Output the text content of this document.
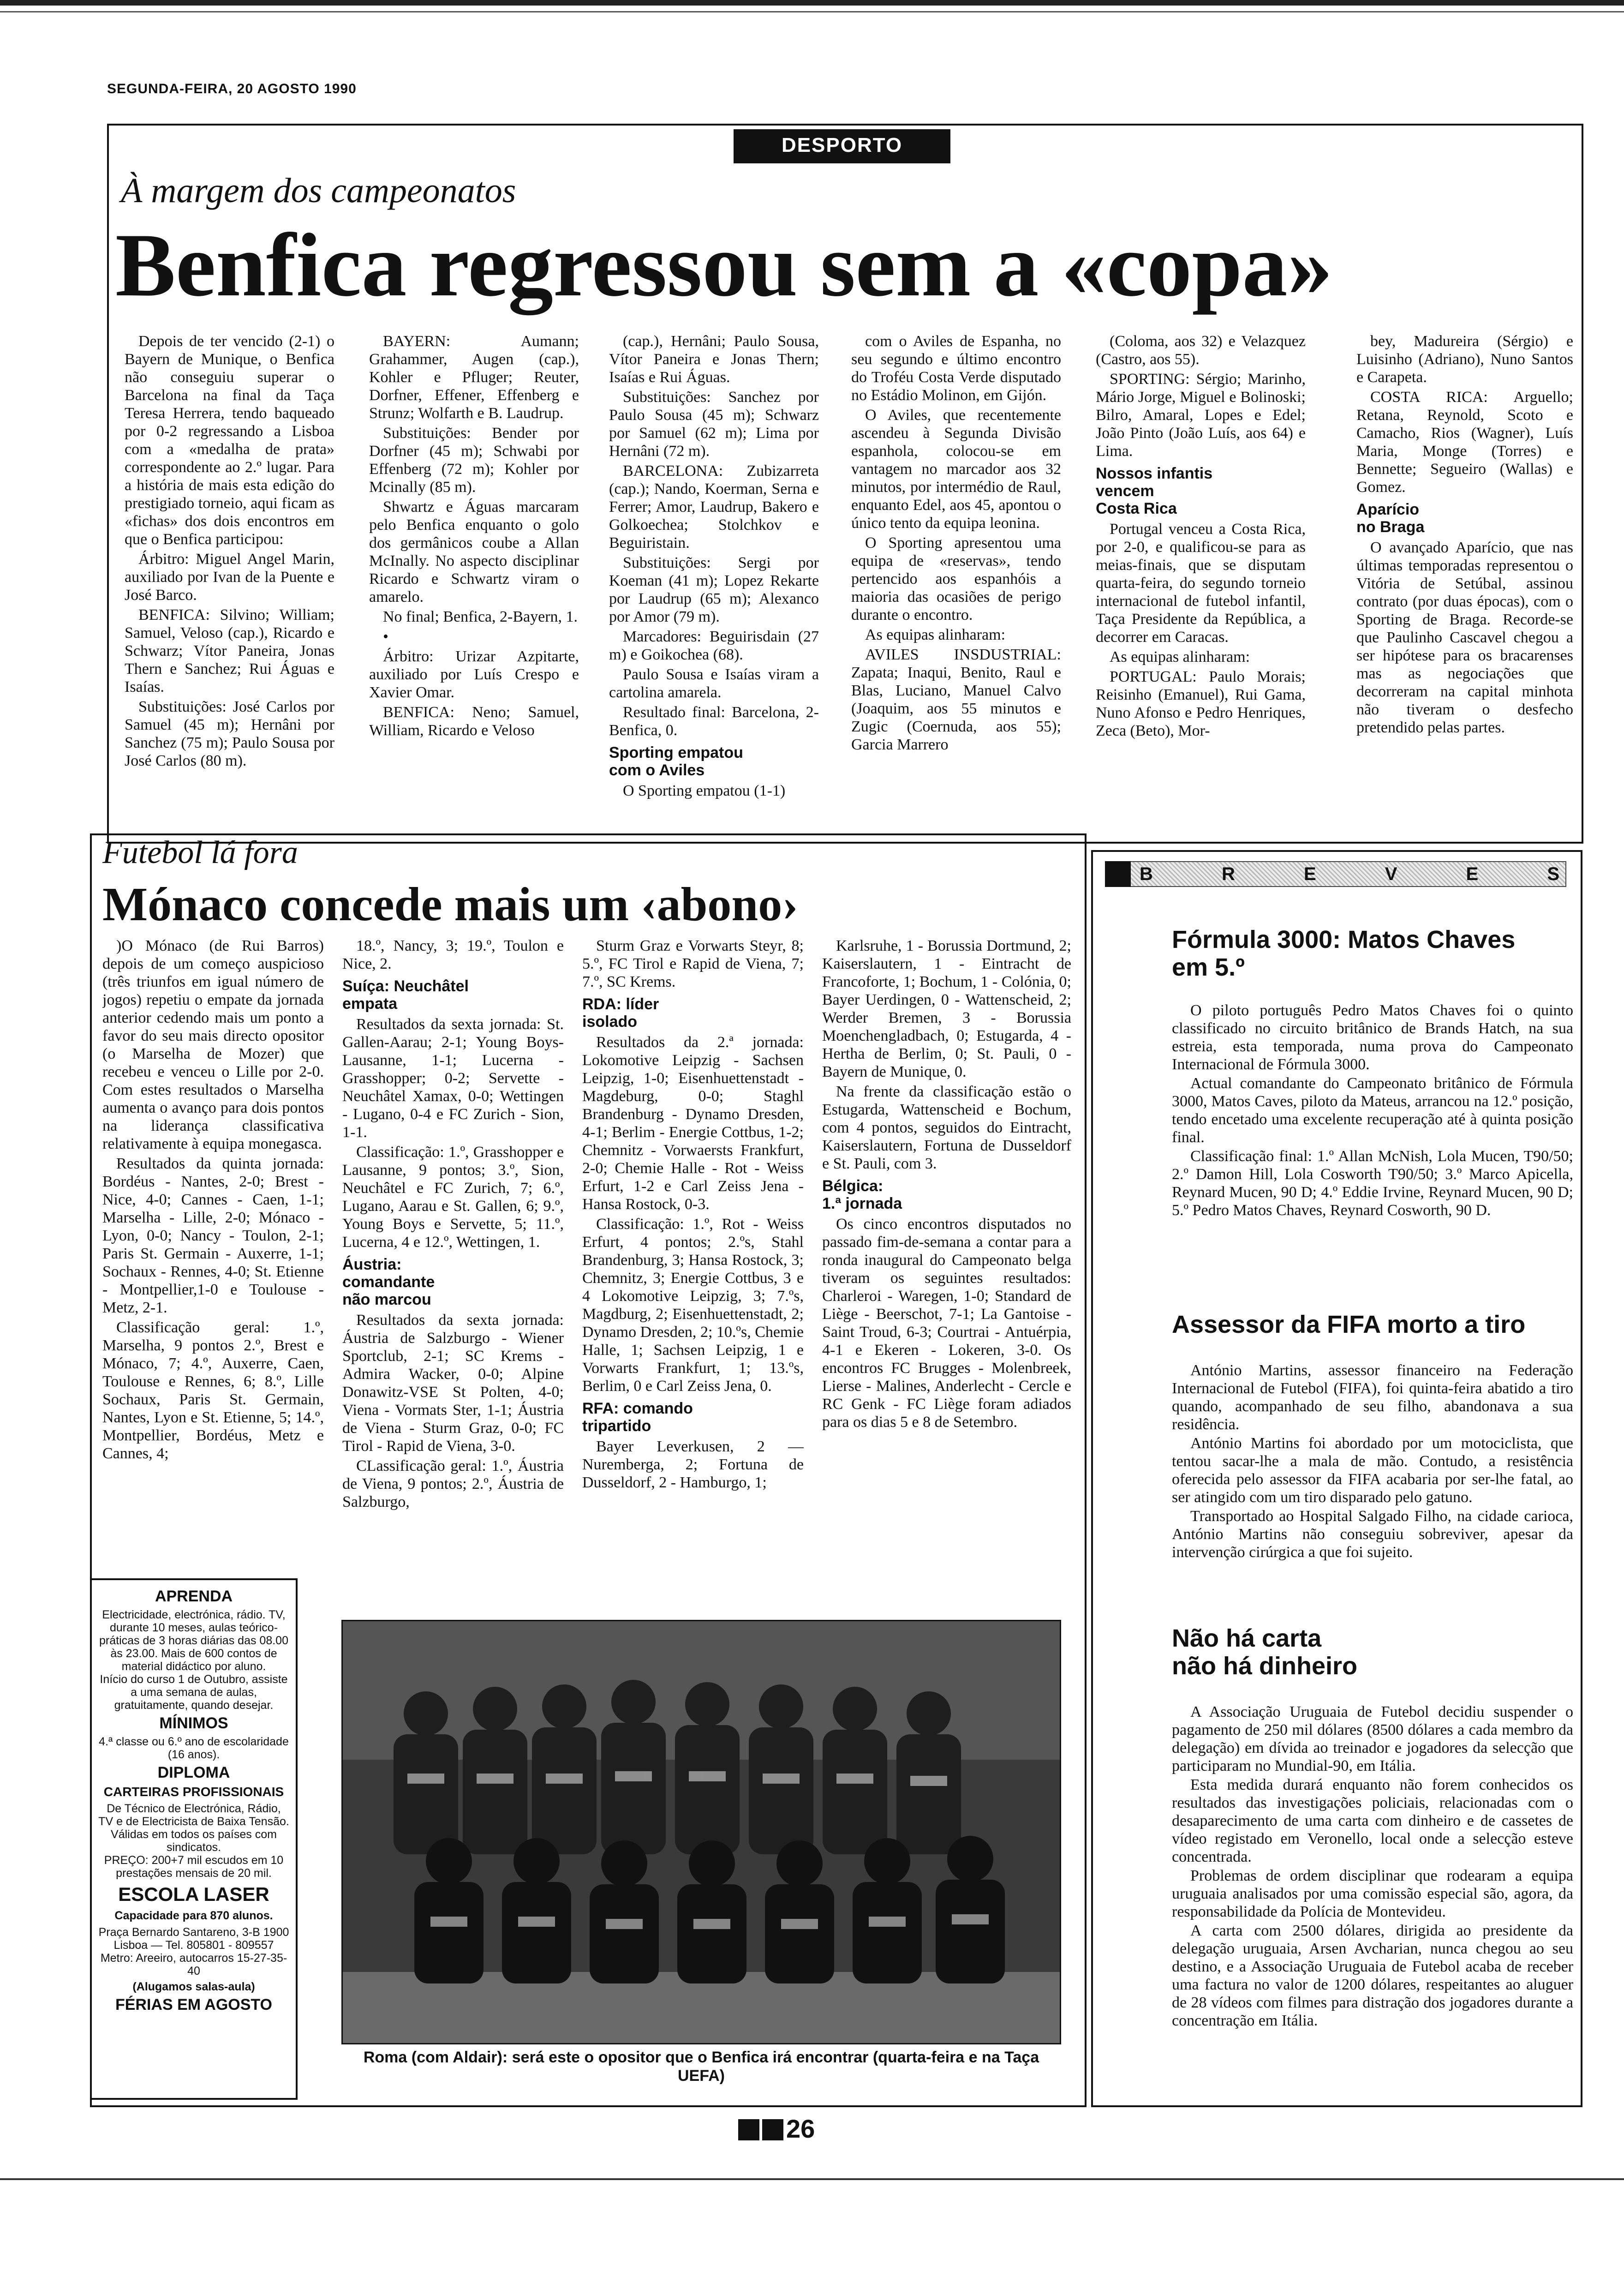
SEGUNDA-FEIRA, 20 AGOSTO 1990
DESPORTO
À margem dos campeonatos
Benfica regressou sem a «copa»

Depois de ter vencido (2-1) o Bayern de Munique, o Benfica não conseguiu superar o Barcelona na final da Taça Teresa Herrera, tendo baqueado por 0-2 regressando a Lisboa com a «medalha de prata» correspondente ao 2.º lugar. Para a história de mais esta edição do prestigiado torneio, aqui ficam as «fichas» dos dois encontros em que o Benfica participou:

Árbitro: Miguel Angel Marin, auxiliado por Ivan de la Puente e José Barco.

BENFICA: Silvino; William; Samuel, Veloso (cap.), Ricardo e Schwarz; Vítor Paneira, Jonas Thern e Sanchez; Rui Águas e Isaías.

Substituições: José Carlos por Samuel (45 m); Hernâni por Sanchez (75 m); Paulo Sousa por José Carlos (80 m).

BAYERN: Aumann; Grahammer, Augen (cap.), Kohler e Pfluger; Reuter, Dorfner, Effener, Effenberg e Strunz; Wolfarth e B. Laudrup.

Substituições: Bender por Dorfner (45 m); Schwabi por Effenberg (72 m); Kohler por Mcinally (85 m).

Shwartz e Águas marcaram pelo Benfica enquanto o golo dos germânicos coube a Allan McInally. No aspecto disciplinar Ricardo e Schwartz viram o amarelo.

No final; Benfica, 2-Bayern, 1.

•

Árbitro: Urizar Azpitarte, auxiliado por Luís Crespo e Xavier Omar.

BENFICA: Neno; Samuel, William, Ricardo e Veloso

(cap.), Hernâni; Paulo Sousa, Vítor Paneira e Jonas Thern; Isaías e Rui Águas.

Substituições: Sanchez por Paulo Sousa (45 m); Schwarz por Samuel (62 m); Lima por Hernâni (72 m).

BARCELONA: Zubizarreta (cap.); Nando, Koerman, Serna e Ferrer; Amor, Laudrup, Bakero e Golkoechea; Stolchkov e Beguiristain.

Substituições: Sergi por Koeman (41 m); Lopez Rekarte por Laudrup (65 m); Alexanco por Amor (79 m).

Marcadores: Beguirisdain (27 m) e Goikochea (68).

Paulo Sousa e Isaías viram a cartolina amarela.

Resultado final: Barcelona, 2-Benfica, 0.

Sporting empatou
com o Aviles

O Sporting empatou (1-1)

com o Aviles de Espanha, no seu segundo e último encontro do Troféu Costa Verde disputado no Estádio Molinon, em Gijón.

O Aviles, que recentemente ascendeu à Segunda Divisão espanhola, colocou-se em vantagem no marcador aos 32 minutos, por intermédio de Raul, enquanto Edel, aos 45, apontou o único tento da equipa leonina.

O Sporting apresentou uma equipa de «reservas», tendo pertencido aos espanhóis a maioria das ocasiões de perigo durante o encontro.

As equipas alinharam:

AVILES INSDUSTRIAL: Zapata; Inaqui, Benito, Raul e Blas, Luciano, Manuel Calvo (Joaquim, aos 55 minutos e Zugic (Coernuda, aos 55); Garcia Marrero

(Coloma, aos 32) e Velazquez (Castro, aos 55).

SPORTING: Sérgio; Marinho, Mário Jorge, Miguel e Bolinoski; Bilro, Amaral, Lopes e Edel; João Pinto (João Luís, aos 64) e Lima.

Nossos infantis
vencem
Costa Rica

Portugal venceu a Costa Rica, por 2-0, e qualificou-se para as meias-finais, que se disputam quarta-feira, do segundo torneio internacional de futebol infantil, Taça Presidente da República, a decorrer em Caracas.

As equipas alinharam:

PORTUGAL: Paulo Morais; Reisinho (Emanuel), Rui Gama, Nuno Afonso e Pedro Henriques, Zeca (Beto), Mor-

bey, Madureira (Sérgio) e Luisinho (Adriano), Nuno Santos e Carapeta.

COSTA RICA: Arguello; Retana, Reynold, Scoto e Camacho, Rios (Wagner), Luís Maria, Monge (Torres) e Bennette; Segueiro (Wallas) e Gomez.

Aparício
no Braga

O avançado Aparício, que nas últimas temporadas representou o Vitória de Setúbal, assinou contrato (por duas épocas), com o Sporting de Braga. Recorde-se que Paulinho Cascavel chegou a ser hipótese para os bracarenses mas as negociações que decorreram na capital minhota não tiveram o desfecho pretendido pelas partes.

Futebol lá fora
Mónaco concede mais um ‹abono›

)O Mónaco (de Rui Barros) depois de um começo auspicioso (três triunfos em igual número de jogos) repetiu o empate da jornada anterior cedendo mais um ponto a favor do seu mais directo opositor (o Marselha de Mozer) que recebeu e venceu o Lille por 2-0. Com estes resultados o Marselha aumenta o avanço para dois pontos na liderança classificativa relativamente à equipa monegasca.

Resultados da quinta jornada: Bordéus - Nantes, 2-0; Brest - Nice, 4-0; Cannes - Caen, 1-1; Marselha - Lille, 2-0; Mónaco - Lyon, 0-0; Nancy - Toulon, 2-1; Paris St. Germain - Auxerre, 1-1; Sochaux - Rennes, 4-0; St. Etienne - Montpellier,1-0 e Toulouse - Metz, 2-1.

Classificação geral: 1.º, Marselha, 9 pontos 2.º, Brest e Mónaco, 7; 4.º, Auxerre, Caen, Toulouse e Rennes, 6; 8.º, Lille Sochaux, Paris St. Germain, Nantes, Lyon e St. Etienne, 5; 14.º, Montpellier, Bordéus, Metz e Cannes, 4;

18.º, Nancy, 3; 19.º, Toulon e Nice, 2.

Suíça: Neuchâtel
empata

Resultados da sexta jornada: St. Gallen-Aarau; 2-1; Young Boys-Lausanne, 1-1; Lucerna - Grasshopper; 0-2; Servette - Neuchâtel Xamax, 0-0; Wettingen - Lugano, 0-4 e FC Zurich - Sion, 1-1.

Classificação: 1.º, Grasshopper e Lausanne, 9 pontos; 3.º, Sion, Neuchâtel e FC Zurich, 7; 6.º, Lugano, Aarau e St. Gallen, 6; 9.º, Young Boys e Servette, 5; 11.º, Lucerna, 4 e 12.º, Wettingen, 1.

Áustria:
comandante
não marcou

Resultados da sexta jornada: Áustria de Salzburgo - Wiener Sportclub, 2-1; SC Krems - Admira Wacker, 0-0; Alpine Donawitz-VSE St Polten, 4-0; Viena - Vormats Ster, 1-1; Áustria de Viena - Sturm Graz, 0-0; FC Tirol - Rapid de Viena, 3-0.

CLassificação geral: 1.º, Áustria de Viena, 9 pontos; 2.º, Áustria de Salzburgo,

Sturm Graz e Vorwarts Steyr, 8; 5.º, FC Tirol e Rapid de Viena, 7; 7.º, SC Krems.

RDA: líder
isolado

Resultados da 2.ª jornada: Lokomotive Leipzig - Sachsen Leipzig, 1-0; Eisenhuettenstadt - Magdeburg, 0-0; Staghl Brandenburg - Dynamo Dresden, 4-1; Berlim - Energie Cottbus, 1-2; Chemnitz - Vorwaersts Frankfurt, 2-0; Chemie Halle - Rot - Weiss Erfurt, 1-2 e Carl Zeiss Jena - Hansa Rostock, 0-3.

Classificação: 1.º, Rot - Weiss Erfurt, 4 pontos; 2.ºs, Stahl Brandenburg, 3; Hansa Rostock, 3; Chemnitz, 3; Energie Cottbus, 3 e 4 Lokomotive Leipzig, 3; 7.ºs, Magdburg, 2; Eisenhuettenstadt, 2; Dynamo Dresden, 2; 10.ºs, Chemie Halle, 1; Sachsen Leipzig, 1 e Vorwarts Frankfurt, 1; 13.ºs, Berlim, 0 e Carl Zeiss Jena, 0.

RFA: comando
tripartido

Bayer Leverkusen, 2 — Nuremberga, 2; Fortuna de Dusseldorf, 2 - Hamburgo, 1;

Karlsruhe, 1 - Borussia Dortmund, 2; Kaiserslautern, 1 - Eintracht de Francoforte, 1; Bochum, 1 - Colónia, 0; Bayer Uerdingen, 0 - Wattenscheid, 2; Werder Bremen, 3 - Borussia Moenchengladbach, 0; Estugarda, 4 - Hertha de Berlim, 0; St. Pauli, 0 - Bayern de Munique, 0.

Na frente da classificação estão o Estugarda, Wattenscheid e Bochum, com 4 pontos, seguidos do Eintracht, Kaiserslautern, Fortuna de Dusseldorf e St. Pauli, com 3.

Bélgica:
1.ª jornada

Os cinco encontros disputados no passado fim-de-semana a contar para a ronda inaugural do Campeonato belga tiveram os seguintes resultados: Charleroi - Waregen, 1-0; Standard de Liège - Beerschot, 7-1; La Gantoise - Saint Troud, 6-3; Courtrai - Antuérpia, 4-1 e Ekeren - Lokeren, 3-0. Os encontros FC Brugges - Molenbreek, Lierse - Malines, Anderlecht - Cercle e RC Genk - FC Liège foram adiados para os dias 5 e 8 de Setembro.

B	R	E	V	E	S
Fórmula 3000: Matos Chaves
em 5.º

O piloto português Pedro Matos Chaves foi o quinto classificado no circuito britânico de Brands Hatch, na sua estreia, esta temporada, numa prova do Campeonato Internacional de Fórmula 3000.

Actual comandante do Campeonato britânico de Fórmula 3000, Matos Caves, piloto da Mateus, arrancou na 12.º posição, tendo encetado uma excelente recuperação até à quinta posição final.

Classificação final: 1.º Allan McNish, Lola Mucen, T90/50; 2.º Damon Hill, Lola Cosworth T90/50; 3.º Marco Apicella, Reynard Mucen, 90 D; 4.º Eddie Irvine, Reynard Mucen, 90 D; 5.º Pedro Matos Chaves, Reynard Cosworth, 90 D.

Assessor da FIFA morto a tiro

António Martins, assessor financeiro na Federação Internacional de Futebol (FIFA), foi quinta-feira abatido a tiro quando, acompanhado de seu filho, abandonava a sua residência.

António Martins foi abordado por um motociclista, que tentou sacar-lhe a mala de mão. Contudo, a resistência oferecida pelo assessor da FIFA acabaria por ser-lhe fatal, ao ser atingido com um tiro disparado pelo gatuno.

Transportado ao Hospital Salgado Filho, na cidade carioca, António Martins não conseguiu sobreviver, apesar da intervenção cirúrgica a que foi sujeito.

Não há carta
não há dinheiro

A Associação Uruguaia de Futebol decidiu suspender o pagamento de 250 mil dólares (8500 dólares a cada membro da delegação) em dívida ao treinador e jogadores da selecção que participaram no Mundial-90, em Itália.

Esta medida durará enquanto não forem conhecidos os resultados das investigações policiais, relacionadas com o desaparecimento de uma carta com dinheiro e de cassetes de vídeo registado em Veronello, local onde a selecção esteve concentrada.

Problemas de ordem disciplinar que rodearam a equipa uruguaia analisados por uma comissão especial são, agora, da responsabilidade da Polícia de Montevideu.

A carta com 2500 dólares, dirigida ao presidente da delegação uruguaia, Arsen Avcharian, nunca chegou ao seu destino, e a Associação Uruguaia de Futebol acaba de receber uma factura no valor de 1200 dólares, respeitantes ao aluguer de 28 vídeos com filmes para distração dos jogadores durante a concentração em Itália.

APRENDA
Electricidade, electrónica, rádio. TV, durante 10 meses, aulas teórico-práticas de 3 horas diárias das 08.00 às 23.00. Mais de 600 contos de material didáctico por aluno.
Início do curso 1 de Outubro, assiste a uma semana de aulas, gratuitamente, quando desejar.
MÍNIMOS
4.ª classe ou 6.º ano de escolaridade (16 anos).
DIPLOMA
CARTEIRAS PROFISSIONAIS
De Técnico de Electrónica, Rádio, TV e de Electricista de Baixa Tensão. Válidas em todos os países com sindicatos.
PREÇO: 200+7 mil escudos em 10 prestações mensais de 20 mil.
ESCOLA LASER
Capacidade para 870 alunos.
Praça Bernardo Santareno, 3-B 1900 Lisboa — Tel. 805801 - 809557
Metro: Areeiro, autocarros 15-27-35-40
(Alugamos salas-aula)
FÉRIAS EM AGOSTO
Roma (com Aldair): será este o opositor que o Benfica irá encontrar (quarta-feira e na Taça UEFA)
26
